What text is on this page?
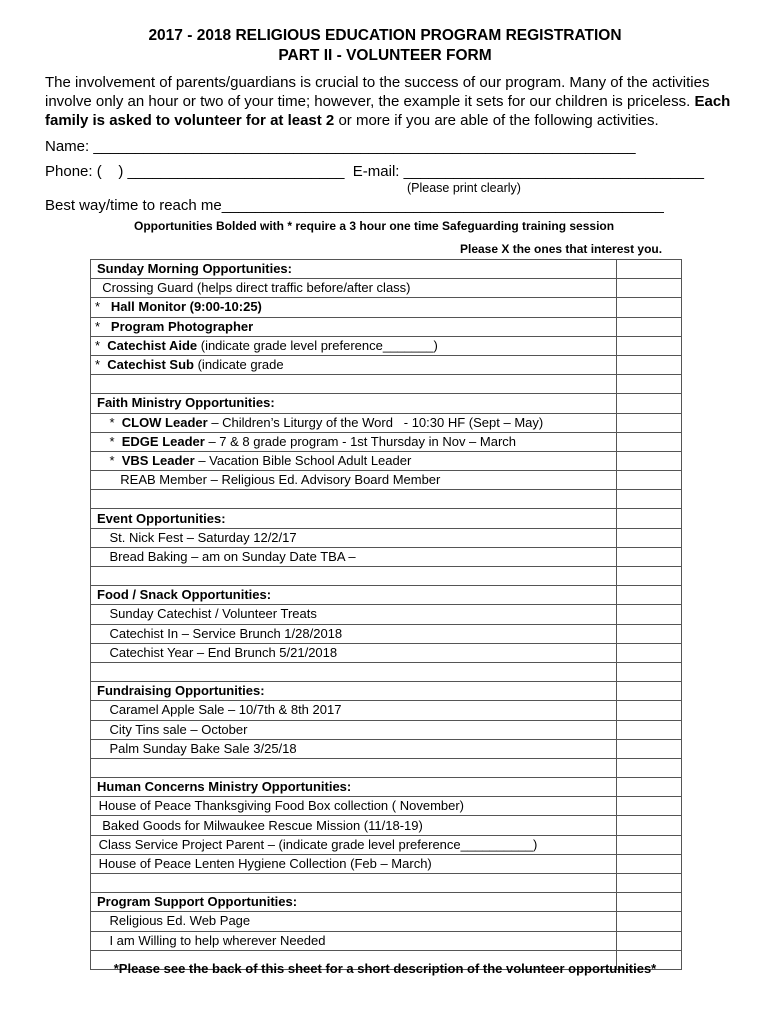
2017 - 2018 RELIGIOUS EDUCATION PROGRAM REGISTRATION
PART II - VOLUNTEER FORM
The involvement of parents/guardians is crucial to the success of our program. Many of the activities involve only an hour or two of your time; however, the example it sets for our children is priceless. Each family is asked to volunteer for at least 2 or more if you are able of the following activities.
Name: _________________________________________________________________
Phone: (    ) __________________________  E-mail: ____________________________________
(Please print clearly)
Best way/time to reach me_____________________________________________________
Opportunities Bolded with * require a 3 hour one time Safeguarding training session
Please X the ones that interest you.
Sunday Morning Opportunities:	
Crossing Guard (helps direct traffic before/after class)	
*   Hall Monitor (9:00-10:25)	
*   Program Photographer	
*  Catechist Aide (indicate grade level preference_______)	
*  Catechist Sub (indicate grade	

Faith Ministry Opportunities:	
*  CLOW Leader – Children’s Liturgy of the Word   - 10:30 HF (Sept – May)	
*  EDGE Leader – 7 & 8 grade program - 1st Thursday in Nov – March	
*  VBS Leader – Vacation Bible School Adult Leader	
REAB Member – Religious Ed. Advisory Board Member	

Event Opportunities:	
St. Nick Fest – Saturday 12/2/17	
Bread Baking – am on Sunday Date TBA –	

Food / Snack Opportunities:	
Sunday Catechist / Volunteer Treats	
Catechist In – Service Brunch 1/28/2018	
Catechist Year – End Brunch 5/21/2018	

Fundraising Opportunities:	
Caramel Apple Sale – 10/7th & 8th 2017	
City Tins sale – October	
Palm Sunday Bake Sale 3/25/18	

Human Concerns Ministry Opportunities:	
House of Peace Thanksgiving Food Box collection ( November)	
Baked Goods for Milwaukee Rescue Mission (11/18-19)	
Class Service Project Parent – (indicate grade level preference__________)	
House of Peace Lenten Hygiene Collection (Feb – March)	

Program Support Opportunities:	
Religious Ed. Web Page	
I am Willing to help wherever Needed	

*Please see the back of this sheet for a short description of the volunteer opportunities*
